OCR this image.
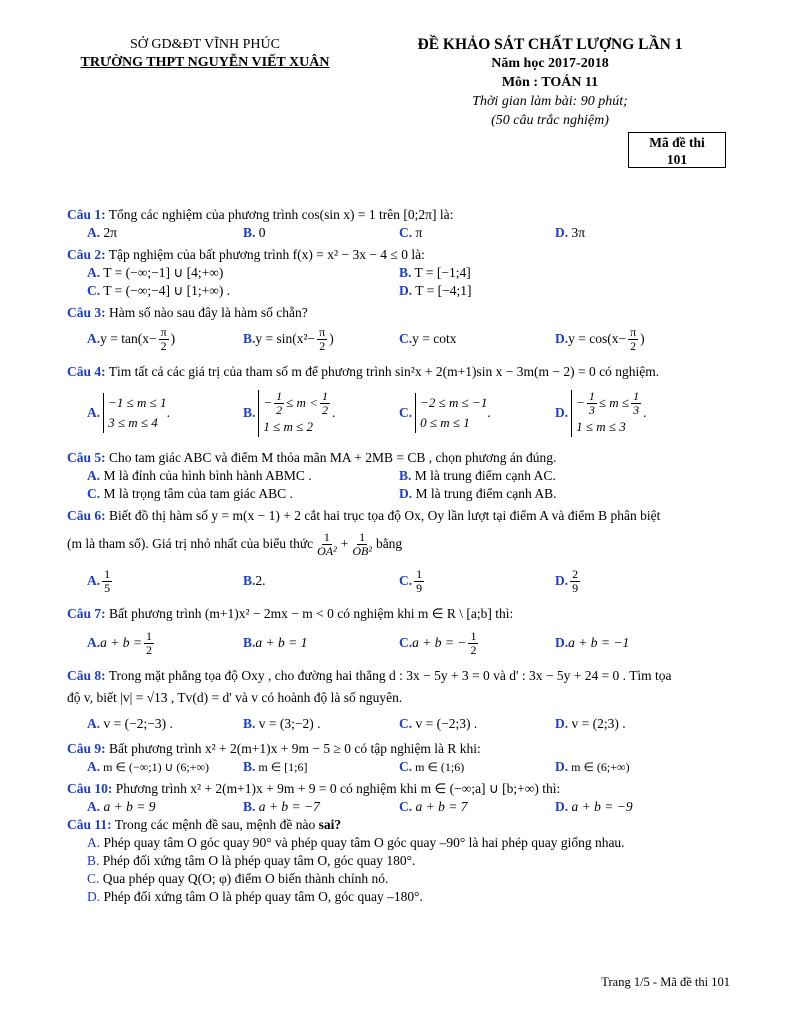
SỞ GD&ĐT VĨNH PHÚC
TRƯỜNG THPT NGUYỄN VIẾT XUÂN
ĐỀ KHẢO SÁT CHẤT LƯỢNG LẦN 1
Năm học 2017-2018
Môn : TOÁN 11
Thời gian làm bài: 90 phút;
(50 câu trắc nghiệm)
Mã đề thi
101
Câu 1: Tổng các nghiệm của phương trình cos(sin x) = 1 trên [0;2π] là:
A. 2π	B. 0	C. π	D. 3π
Câu 2: Tập nghiệm của bất phương trình f(x) = x² − 3x − 4 ≤ 0 là:
A. T = (−∞;−1] ∪ [4;+∞)	B. T = [−1;4]
C. T = (−∞;−4] ∪ [1;+∞) .	D. T = [−4;1]
Câu 3: Hàm số nào sau đây là hàm số chẵn?
A. $y = \tan(x- \frac{\pi}{2}$ )	B. $y = \sin(x^2- \frac{\pi}{2}$ )	C. y = cotx	D. $y = \cos(x- \frac{\pi}{2}$ )
Câu 4: Tìm tất cả các giá trị của tham số m để phương trình sin²x + 2(m+1)sin x − 3m(m − 2) = 0 có nghiệm.
A.
−1 ≤ m ≤ 1
3 ≤ m ≤ 4
.	B.
− $\frac{1}{2} \le m < \frac{1}{2}$
1 ≤ m ≤ 2
.	C.
−2 ≤ m ≤ −1
0 ≤ m ≤ 1
.	D.
− $\frac{1}{3} \le m \le \frac{1}{3}$
1 ≤ m ≤ 3
.
Câu 5: Cho tam giác ABC và điểm M thỏa mãn MA + 2MB = CB , chọn phương án đúng.
A. M là đỉnh của hình bình hành ABMC .	B. M là trung điểm cạnh AC.
C. M là trọng tâm của tam giác ABC .	D. M là trung điểm cạnh AB.
Câu 6: Biết đồ thị hàm số y = m(x − 1) + 2 cắt hai trục tọa độ Ox, Oy lần lượt tại điểm A và điểm B phân biệt
(m là tham số). Giá trị nhỏ nhất của biểu thức $\frac{1}{\text{OA²}} + \frac{1}{\text{OB²}}$ bằng
A. $\frac{1}{5}$	B. 2.	C. $\frac{1}{9}$	D. $\frac{2}{9}$
Câu 7: Bất phương trình (m+1)x² − 2mx − m < 0 có nghiệm khi m ∈ R \ [a;b] thì:
A. $a + b = \frac{1}{2}$	B. a + b = 1	C. a + b = − $\frac{1}{2}$	D. a + b = −1
Câu 8: Trong mặt phẳng tọa độ Oxy , cho đường hai thẳng d : 3x − 5y + 3 = 0 và d' : 3x − 5y + 24 = 0 . Tìm tọa
độ v, biết |v| = √13 , Tv(d) = d' và v có hoành độ là số nguyên.
A. v = (−2;−3) .	B. v = (3;−2) .	C. v = (−2;3) .	D. v = (2;3) .
Câu 9: Bất phương trình x² + 2(m+1)x + 9m − 5 ≥ 0 có tập nghiệm là R khi:
A. m ∈ (−∞;1) ∪ (6;+∞)	B. m ∈ [1;6]	C. m ∈ (1;6)	D. m ∈ (6;+∞)
Câu 10: Phương trình x² + 2(m+1)x + 9m + 9 = 0 có nghiệm khi m ∈ (−∞;a] ∪ [b;+∞) thì:
A. a + b = 9	B. a + b = −7	C. a + b = 7	D. a + b = −9
Câu 11: Trong các mệnh đề sau, mệnh đề nào sai?
A. Phép quay tâm O góc quay 90° và phép quay tâm O góc quay –90° là hai phép quay giống nhau.
B. Phép đối xứng tâm O là phép quay tâm O, góc quay 180°.
C. Qua phép quay Q(O; φ) điểm O biến thành chính nó.
D. Phép đối xứng tâm O là phép quay tâm O, góc quay –180°.
Trang 1/5 - Mã đề thi 101
